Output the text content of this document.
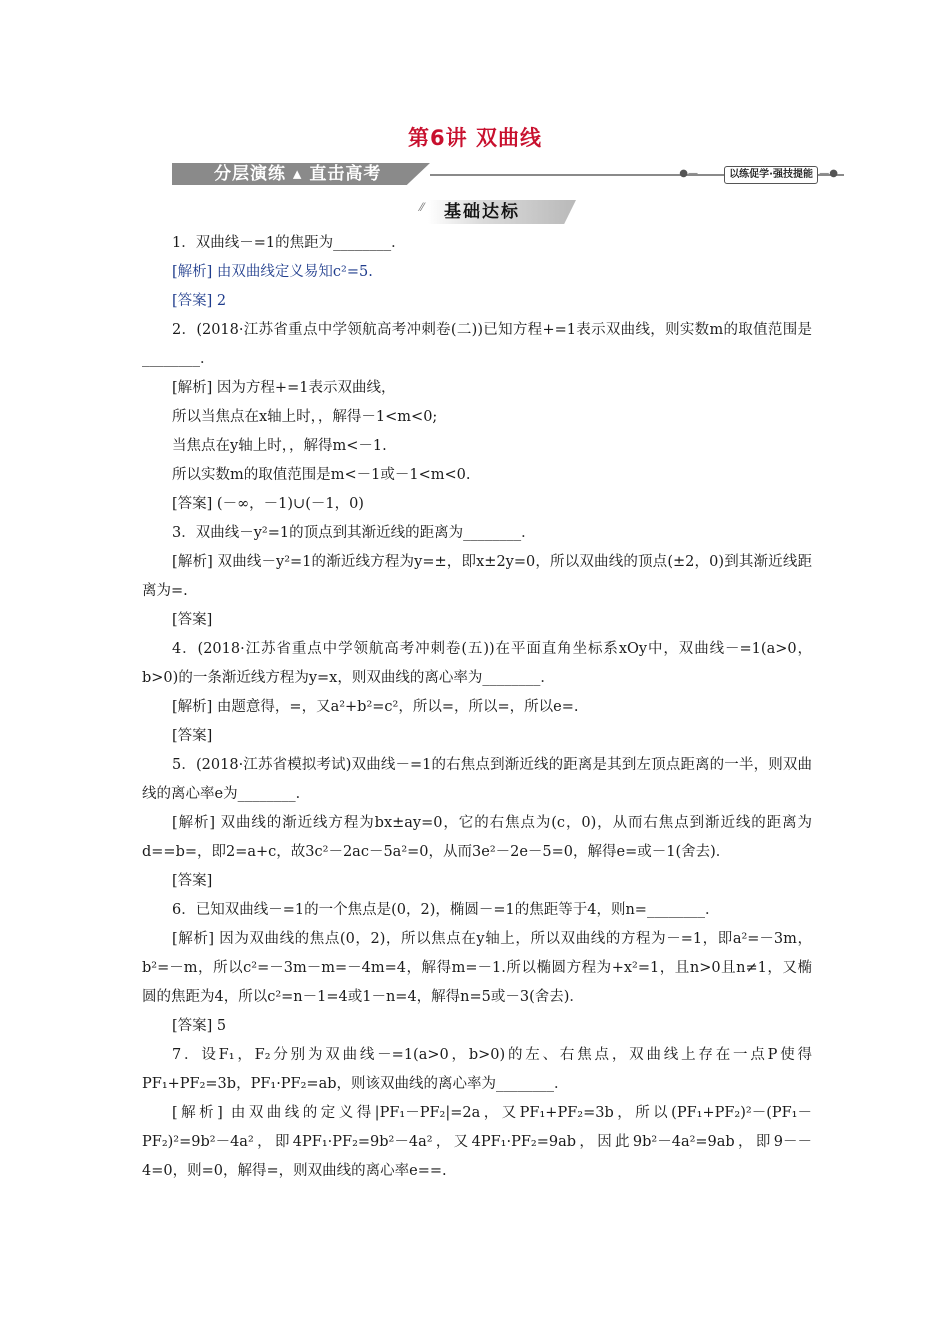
第6讲 双曲线
分层演练 ▴ 直击高考	●—	以练促学·强技提能 —●
⁄⁄ 基础达标

1．双曲线－=1的焦距为________．

[解析] 由双曲线定义易知c²=5.

[答案] 2

2．(2018·江苏省重点中学领航高考冲刺卷(二))已知方程+=1表示双曲线，则实数m的取值范围是________．

[解析] 因为方程+=1表示双曲线，

所以当焦点在x轴上时，，解得－1<m<0;

当焦点在y轴上时，，解得m<－1.

所以实数m的取值范围是m<－1或－1<m<0.

[答案] (－∞，－1)∪(－1，0)

3．双曲线－y²=1的顶点到其渐近线的距离为________．

[解析] 双曲线－y²=1的渐近线方程为y=±，即x±2y=0，所以双曲线的顶点(±2，0)到其渐近线距离为=.

[答案]

4．(2018·江苏省重点中学领航高考冲刺卷(五))在平面直角坐标系xOy中，双曲线－=1(a>0，b>0)的一条渐近线方程为y=x，则双曲线的离心率为________．

[解析] 由题意得，=，又a²+b²=c²，所以=，所以=，所以e=.

[答案]

5．(2018·江苏省模拟考试)双曲线－=1的右焦点到渐近线的距离是其到左顶点距离的一半，则双曲线的离心率e为________．

[解析] 双曲线的渐近线方程为bx±ay=0，它的右焦点为(c，0)，从而右焦点到渐近线的距离为d==b=，即2=a+c，故3c²－2ac－5a²=0，从而3e²－2e－5=0，解得e=或－1(舍去)．

[答案]

6．已知双曲线－=1的一个焦点是(0，2)，椭圆－=1的焦距等于4，则n=________．

[解析] 因为双曲线的焦点(0，2)，所以焦点在y轴上，所以双曲线的方程为－=1，即a²=－3m，b²=－m，所以c²=－3m－m=－4m=4，解得m=－1.所以椭圆方程为+x²=1，且n>0且n≠1，又椭圆的焦距为4，所以c²=n－1=4或1－n=4，解得n=5或－3(舍去)．

[答案] 5

7．设F₁，F₂分别为双曲线－=1(a>0，b>0)的左、右焦点，双曲线上存在一点P使得PF₁+PF₂=3b，PF₁·PF₂=ab，则该双曲线的离心率为________．

[解析] 由双曲线的定义得|PF₁－PF₂|=2a，又PF₁+PF₂=3b，所以(PF₁+PF₂)²－(PF₁－PF₂)²=9b²－4a²，即4PF₁·PF₂=9b²－4a²，又4PF₁·PF₂=9ab，因此9b²－4a²=9ab，即9－－4=0，则=0，解得=，则双曲线的离心率e==.
